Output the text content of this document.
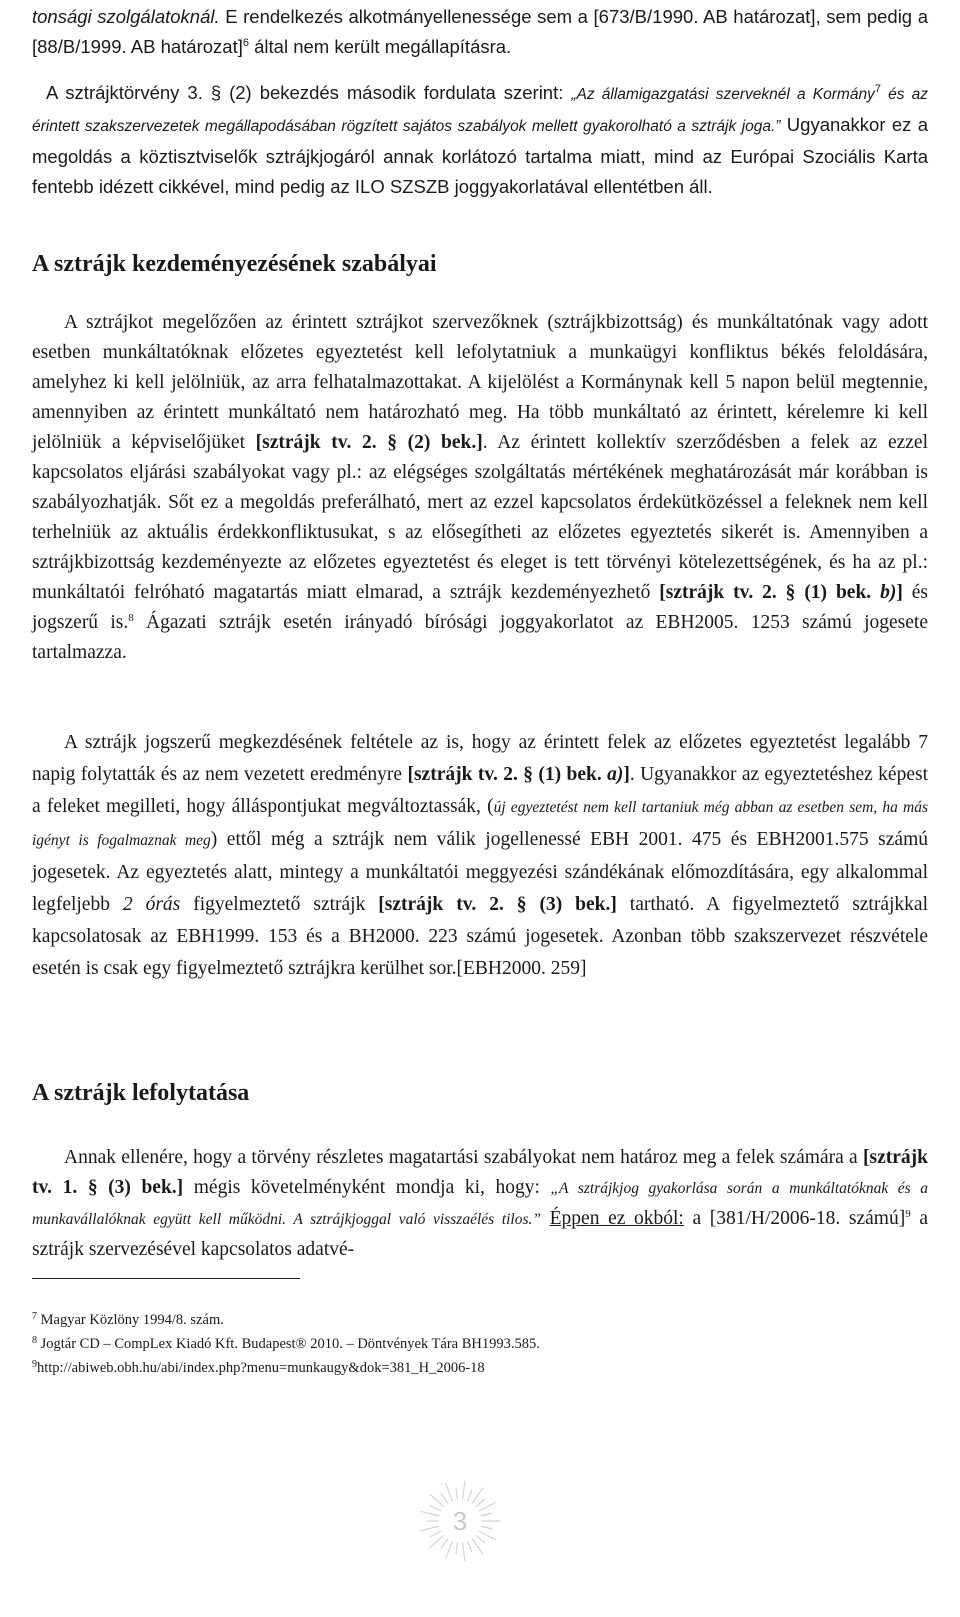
tonsági szolgálatoknál. E rendelkezés alkotmányellenessége sem a [673/B/1990. AB határozat], sem pedig a [88/B/1999. AB határozat]$^6$ által nem került megállapításra.

A sztrájktörvény 3. § (2) bekezdés második fordulata szerint: „Az államigazgatási szerveknél a Kormány$^7$ és az érintett szakszervezetek megállapodásában rögzített sajátos szabályok mellett gyakorolható a sztrájk joga.” Ugyanakkor ez a megoldás a köztisztviselők sztrájkjogáról annak korlátozó tartalma miatt, mind az Európai Szociális Karta fentebb idézett cikkével, mind pedig az ILO SZSZB joggyakorlatával ellentétben áll.

A sztrájk kezdeményezésének szabályai

A sztrájkot megelőzően az érintett sztrájkot szervezőknek (sztrájkbizottság) és munkáltatónak vagy adott esetben munkáltatóknak előzetes egyeztetést kell lefolytatniuk a munkaügyi konfliktus békés feloldására, amelyhez ki kell jelölniük, az arra felhatalmazottakat. A kijelölést a Kormánynak kell 5 napon belül megtennie, amennyiben az érintett munkáltató nem határozható meg. Ha több munkáltató az érintett, kérelemre ki kell jelölniük a képviselőjüket [sztrájk tv. 2. § (2) bek.]. Az érintett kollektív szerződésben a felek az ezzel kapcsolatos eljárási szabályokat vagy pl.: az elégséges szolgáltatás mértékének meghatározását már korábban is szabályozhatják. Sőt ez a megoldás preferálható, mert az ezzel kapcsolatos érdekütközéssel a feleknek nem kell terhelniük az aktuális érdekkonfliktusukat, s az elősegítheti az előzetes egyeztetés sikerét is. Amennyiben a sztrájkbizottság kezdeményezte az előzetes egyeztetést és eleget is tett törvényi kötelezettségének, és ha az pl.: munkáltatói felróható magatartás miatt elmarad, a sztrájk kezdeményezhető [sztrájk tv. 2. § (1) bek. b)] és jogszerű is.$^8$ Ágazati sztrájk esetén irányadó bírósági joggyakorlatot az EBH2005. 1253 számú jogesete tartalmazza.

A sztrájk jogszerű megkezdésének feltétele az is, hogy az érintett felek az előzetes egyeztetést legalább 7 napig folytatták és az nem vezetett eredményre [sztrájk tv. 2. § (1) bek. a)]. Ugyanakkor az egyeztetéshez képest a feleket megilleti, hogy álláspontjukat megváltoztassák, (új egyeztetést nem kell tartaniuk még abban az esetben sem, ha más igényt is fogalmaznak meg) ettől még a sztrájk nem válik jogellenessé EBH 2001. 475 és EBH2001.575 számú jogesetek. Az egyeztetés alatt, mintegy a munkáltatói meggyezési szándékának előmozdítására, egy alkalommal legfeljebb 2 órás figyelmeztető sztrájk [sztrájk tv. 2. § (3) bek.] tartható. A figyelmeztető sztrájkkal kapcsolatosak az EBH1999. 153 és a BH2000. 223 számú jogesetek. Azonban több szakszervezet részvétele esetén is csak egy figyelmeztető sztrájkra kerülhet sor.[EBH2000. 259]

A sztrájk lefolytatása

Annak ellenére, hogy a törvény részletes magatartási szabályokat nem határoz meg a felek számára a [sztrájk tv. 1. § (3) bek.] mégis követelményként mondja ki, hogy: „A sztrájkjog gyakorlása során a munkáltatóknak és a munkavállalóknak együtt kell működni. A sztrájkjoggal való visszaélés tilos.” Éppen ez okból: a [381/H/2006-18. számú]$^9$ a sztrájk szervezésével kapcsolatos adatvé-

$^7$ Magyar Közlöny 1994/8. szám.

$^8$ Jogtár CD – CompLex Kiadó Kft. Budapest® 2010. – Döntvények Tára BH1993.585.

$^9$http://abiweb.obh.hu/abi/index.php?menu=munkaugy&dok=381_H_2006-18

3
